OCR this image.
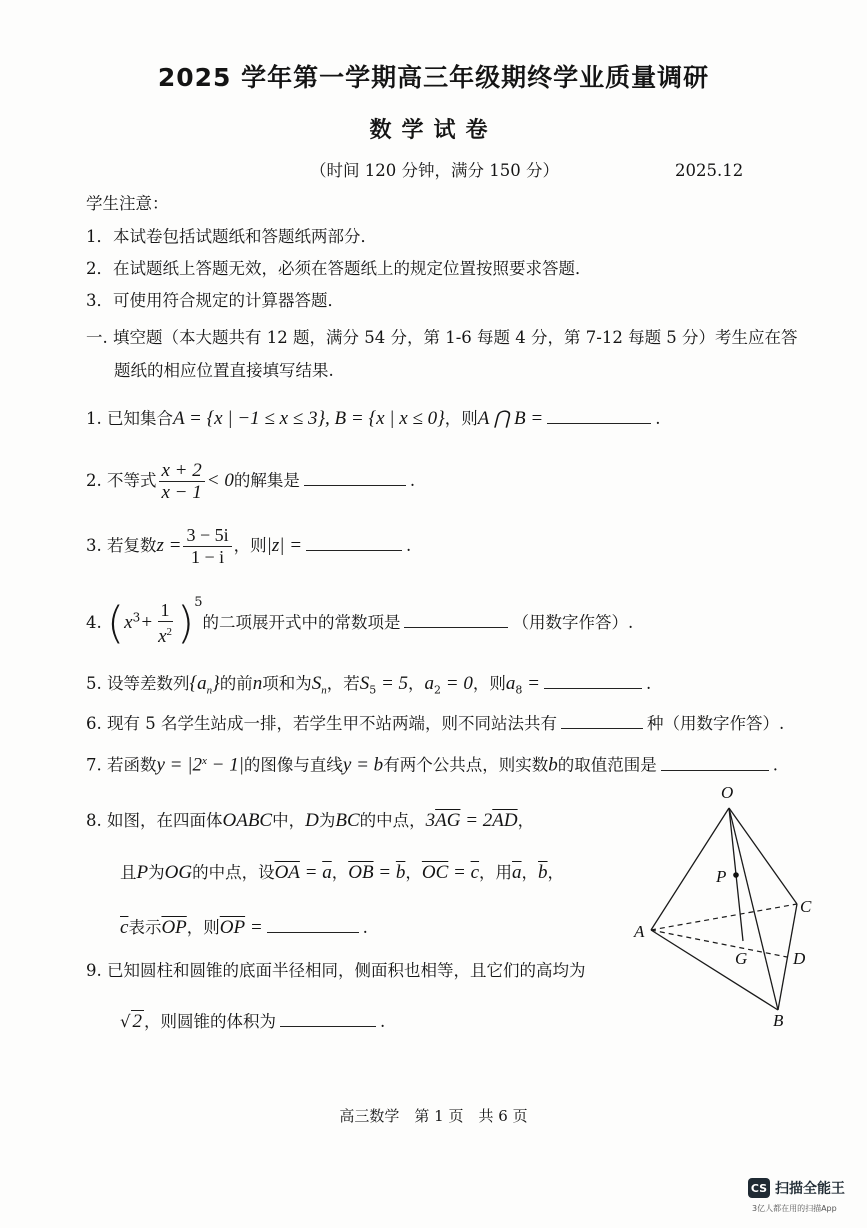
2025 学年第一学期高三年级期终学业质量调研
数学试卷
（时间 120 分钟，满分 150 分）	2025.12
学生注意：
1．本试卷包括试题纸和答题纸两部分．
2．在试题纸上答题无效，必须在答题纸上的规定位置按照要求答题．
3．可使用符合规定的计算器答题．
一. 填空题（本大题共有 12 题，满分 54 分，第 1-6 每题 4 分，第 7-12 每题 5 分）考生应在答
题纸的相应位置直接填写结果.
1. 已知集合A = {x | −1 ≤ x ≤ 3}, B = {x | x ≤ 0}，则A ⋂ B =	.
2. 不等式 $\frac{x + 2}{x - 1} < 0$的解集是	.
3. 若复数$z = \frac{3 - 5i}{1 - i}$ ，则|z| =	.
4. $(x^3+ \frac{1}{x^2} )^5$的二项展开式中的常数项是	（用数字作答）.
5. 设等差数列$\{a_n\}$的前n项和为$S_n$，若$S_5 = 5$，$a_2 = 0$，则$a_8$ =	.
6. 现有 5 名学生站成一排，若学生甲不站两端，则不同站法共有	种（用数字作答）.
7. 若函数$y = |2^x - 1|$的图像与直线y = b有两个公共点，则实数b的取值范围是	.
8. 如图，在四面体OABC中，D为BC的中点，$3\overline{AG} = 2\overline{AD}$，
且P为OG的中点，设$\overline{OA} = \overline{a}$，$\overline{OB} = \overline{b}$，$\overline{OC} = \overline{c}$，用$\overline{a}$，$\overline{b}$，
$\overline{c}$表示$\overline{OP}$，则$\overline{OP}$ =	.
9. 已知圆柱和圆锥的底面半径相同，侧面积也相等，且它们的高均为
√ 2 ，则圆锥的体积为	.
O
A
B
C
D
G
P
高三数学　第 1 页　共 6 页
CS 扫描全能王
3亿人都在用的扫描App
